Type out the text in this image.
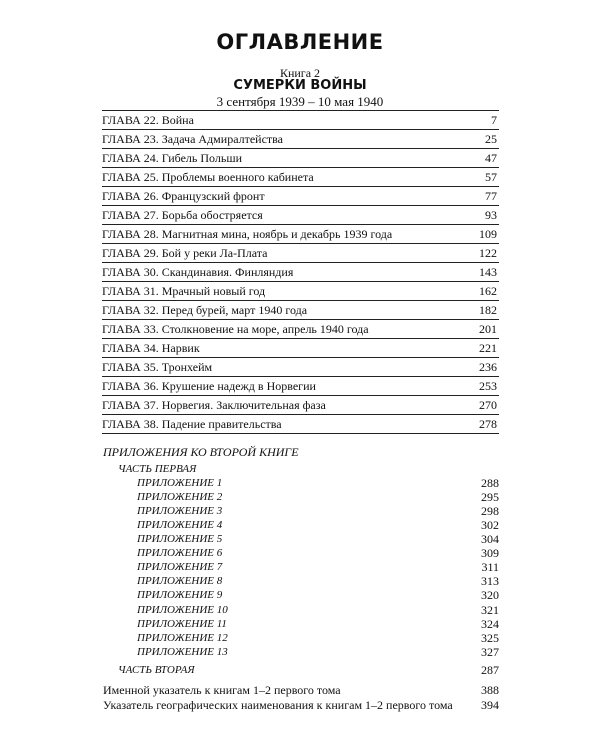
ОГЛАВЛЕНИЕ
Книга 2
СУМЕРКИ ВОЙНЫ
3 сентября 1939 – 10 мая 1940
ГЛАВА 22. Война	7
ГЛАВА 23. Задача Адмиралтейства	25
ГЛАВА 24. Гибель Польши	47
ГЛАВА 25. Проблемы военного кабинета	57
ГЛАВА 26. Французский фронт	77
ГЛАВА 27. Борьба обостряется	93
ГЛАВА 28. Магнитная мина, ноябрь и декабрь 1939 года	109
ГЛАВА 29. Бой у реки Ла-Плата	122
ГЛАВА 30. Скандинавия. Финляндия	143
ГЛАВА 31. Мрачный новый год	162
ГЛАВА 32. Перед бурей, март 1940 года	182
ГЛАВА 33. Столкновение на море, апрель 1940 года	201
ГЛАВА 34. Нарвик	221
ГЛАВА 35. Тронхейм	236
ГЛАВА 36. Крушение надежд в Норвегии	253
ГЛАВА 37. Норвегия. Заключительная фаза	270
ГЛАВА 38. Падение правительства	278
ПРИЛОЖЕНИЯ КО ВТОРОЙ КНИГЕ
ЧАСТЬ ПЕРВАЯ
ПРИЛОЖЕНИЕ 1	288
ПРИЛОЖЕНИЕ 2	295
ПРИЛОЖЕНИЕ 3	298
ПРИЛОЖЕНИЕ 4	302
ПРИЛОЖЕНИЕ 5	304
ПРИЛОЖЕНИЕ 6	309
ПРИЛОЖЕНИЕ 7	311
ПРИЛОЖЕНИЕ 8	313
ПРИЛОЖЕНИЕ 9	320
ПРИЛОЖЕНИЕ 10	321
ПРИЛОЖЕНИЕ 11	324
ПРИЛОЖЕНИЕ 12	325
ПРИЛОЖЕНИЕ 13	327
ЧАСТЬ ВТОРАЯ	287
Именной указатель к книгам 1–2 первого тома	388
Указатель географических наименования к книгам 1–2 первого тома 394
